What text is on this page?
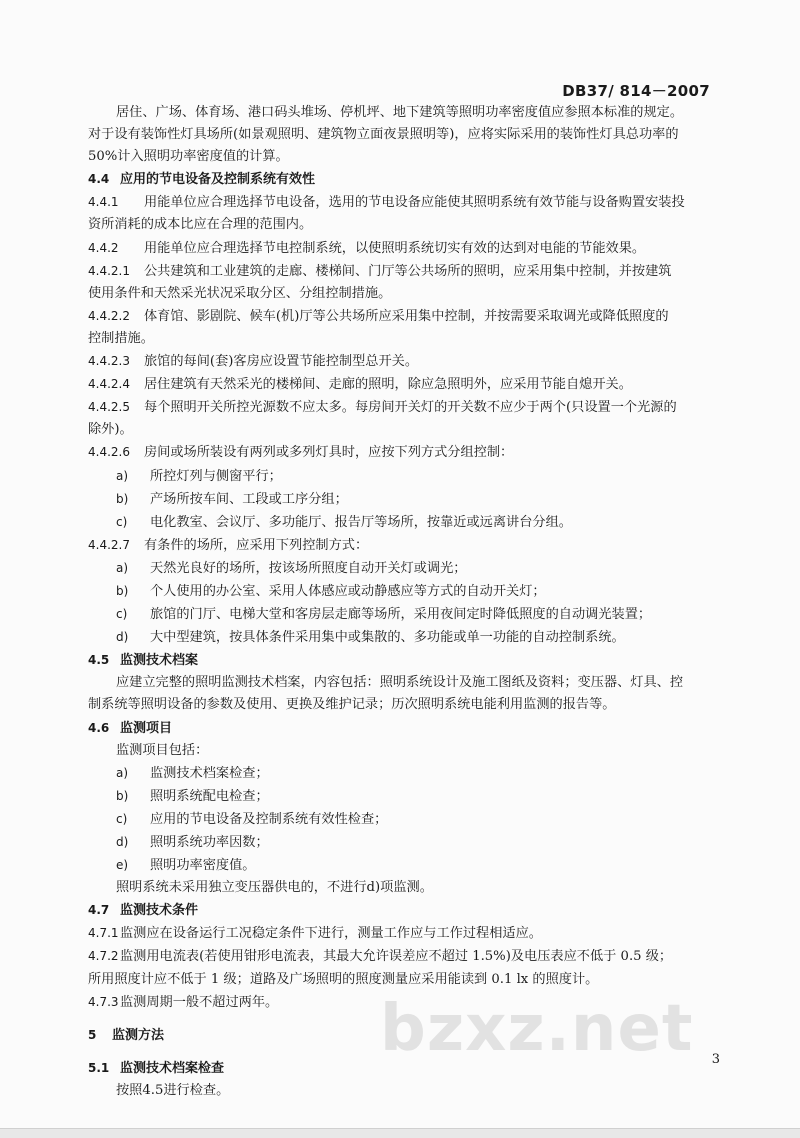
DB37/ 814－2007
居住、广场、体育场、港口码头堆场、停机坪、地下建筑等照明功率密度值应参照本标准的规定。
对于设有装饰性灯具场所(如景观照明、建筑物立面夜景照明等)，应将实际采用的装饰性灯具总功率的
50%计入照明功率密度值的计算。
4.4 应用的节电设备及控制系统有效性
4.4.1 用能单位应合理选择节电设备，选用的节电设备应能使其照明系统有效节能与设备购置安装投
资所消耗的成本比应在合理的范围内。
4.4.2 用能单位应合理选择节电控制系统，以使照明系统切实有效的达到对电能的节能效果。
4.4.2.1 公共建筑和工业建筑的走廊、楼梯间、门厅等公共场所的照明，应采用集中控制，并按建筑
使用条件和天然采光状况采取分区、分组控制措施。
4.4.2.2 体育馆、影剧院、候车(机)厅等公共场所应采用集中控制，并按需要采取调光或降低照度的
控制措施。
4.4.2.3 旅馆的每间(套)客房应设置节能控制型总开关。
4.4.2.4 居住建筑有天然采光的楼梯间、走廊的照明，除应急照明外，应采用节能自熄开关。
4.4.2.5 每个照明开关所控光源数不应太多。每房间开关灯的开关数不应少于两个(只设置一个光源的
除外)。
4.4.2.6 房间或场所装设有两列或多列灯具时，应按下列方式分组控制：
a) 所控灯列与侧窗平行；
b) 产场所按车间、工段或工序分组；
c) 电化教室、会议厅、多功能厅、报告厅等场所，按靠近或远离讲台分组。
4.4.2.7 有条件的场所，应采用下列控制方式：
a) 天然光良好的场所，按该场所照度自动开关灯或调光；
b) 个人使用的办公室、采用人体感应或动静感应等方式的自动开关灯；
c) 旅馆的门厅、电梯大堂和客房层走廊等场所，采用夜间定时降低照度的自动调光装置；
d) 大中型建筑，按具体条件采用集中或集散的、多功能或单一功能的自动控制系统。
4.5 监测技术档案
应建立完整的照明监测技术档案，内容包括：照明系统设计及施工图纸及资料；变压器、灯具、控
制系统等照明设备的参数及使用、更换及维护记录；历次照明系统电能利用监测的报告等。
4.6 监测项目
监测项目包括：
a) 监测技术档案检查；
b) 照明系统配电检查；
c) 应用的节电设备及控制系统有效性检查；
d) 照明系统功率因数；
e) 照明功率密度值。
照明系统未采用独立变压器供电的，不进行d)项监测。
4.7 监测技术条件
4.7.1监测应在设备运行工况稳定条件下进行，测量工作应与工作过程相适应。
4.7.2监测用电流表(若使用钳形电流表，其最大允许误差应不超过 1.5%)及电压表应不低于 0.5 级；
所用照度计应不低于 1 级；道路及广场照明的照度测量应采用能读到 0.1 lx 的照度计。
4.7.3监测周期一般不超过两年。
5 监测方法
5.1 监测技术档案检查
按照4.5进行检查。
bzxz.net 3
